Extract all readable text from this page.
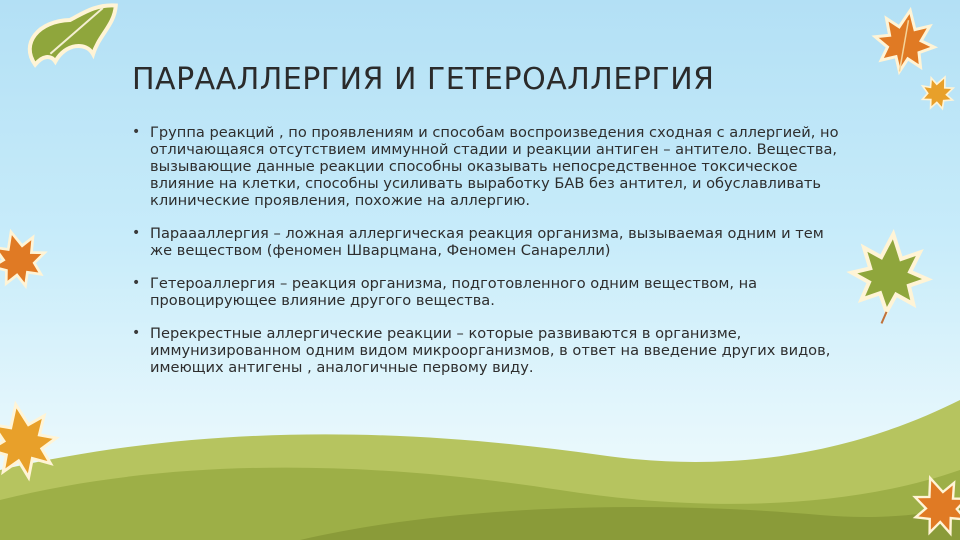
ПАРААЛЛЕРГИЯ И ГЕТЕРОАЛЛЕРГИЯ
• Группа реакций , по проявлениям и способам воспроизведения сходная с аллергией, но отличающаяся отсутствием иммунной стадии и реакции антиген – антитело. Вещества, вызывающие данные реакции способны оказывать непосредственное токсическое влияние на клетки, способны усиливать выработку БАВ без антител, и обуславливать клинические проявления, похожие на аллергию.
• Параааллергия – ложная аллергическая реакция организма, вызываемая одним и тем же веществом (феномен Шварцмана, Феномен Санарелли)
• Гетероаллергия – реакция организма, подготовленного одним веществом, на провоцирующее влияние другого вещества.
• Перекрестные аллергические реакции – которые развиваются в организме, иммунизированном одним видом микроорганизмов, в ответ на введение других видов, имеющих антигены , аналогичные первому виду.
